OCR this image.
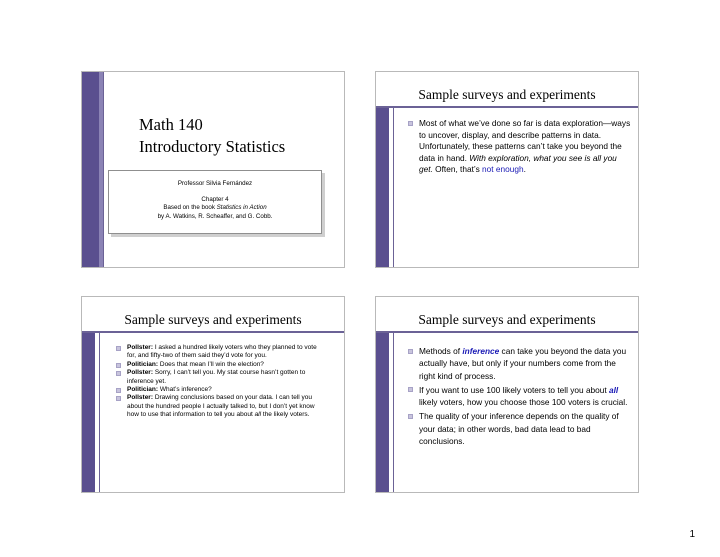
Math 140
Introductory Statistics
Professor Silvia Fernández
Chapter 4
Based on the book Statistics in Action
by A. Watkins, R. Scheaffer, and G. Cobb.
Sample surveys and experiments
Most of what we’ve done so far is data exploration—ways to uncover, display, and describe patterns in data. Unfortunately, these patterns can’t take you beyond the data in hand. With exploration, what you see is all you get. Often, that’s not enough.
Sample surveys and experiments
Pollster: I asked a hundred likely voters who they planned to vote for, and fifty-two of them said they’d vote for you.
Politician: Does that mean I’ll win the election?
Pollster: Sorry, I can’t tell you. My stat course hasn’t gotten to inference yet.
Politician: What’s inference?
Pollster: Drawing conclusions based on your data. I can tell you about the hundred people I actually talked to, but I don’t yet know how to use that information to tell you about all the likely voters.
Sample surveys and experiments
Methods of inference can take you beyond the data you actually have, but only if your numbers come from the right kind of process.
If you want to use 100 likely voters to tell you about all likely voters, how you choose those 100 voters is crucial.
The quality of your inference depends on the quality of your data; in other words, bad data lead to bad conclusions.
1
